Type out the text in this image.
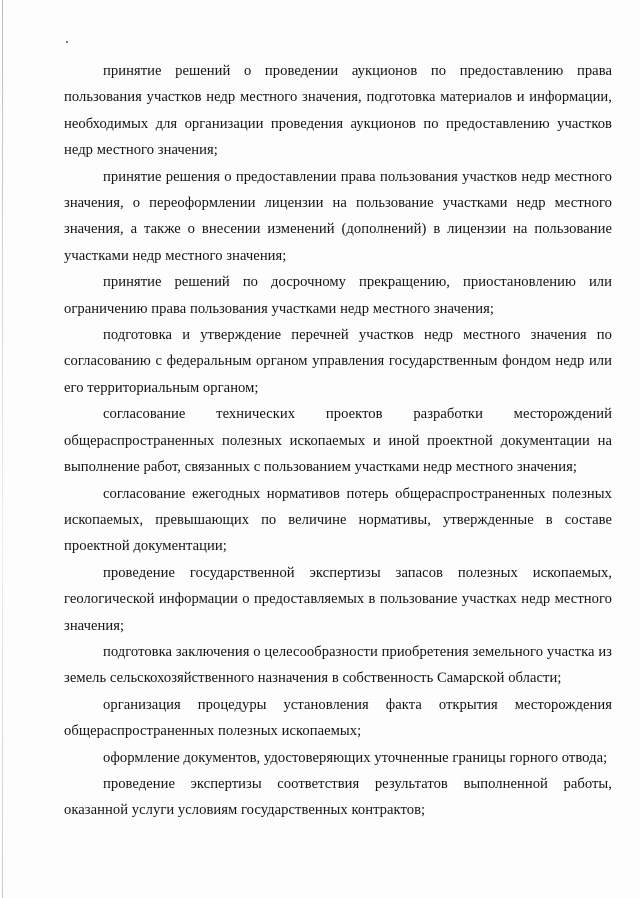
принятие решений о проведении аукционов по предоставлению права пользования участков недр местного значения, подготовка материалов и информации, необходимых для организации проведения аукционов по предоставлению участков недр местного значения;

принятие решения о предоставлении права пользования участков недр местного значения, о переоформлении лицензии на пользование участками недр местного значения, а также о внесении изменений (дополнений) в лицензии на пользование участками недр местного значения;

принятие решений по досрочному прекращению, приостановлению или ограничению права пользования участками недр местного значения;

подготовка и утверждение перечней участков недр местного значения по согласованию с федеральным органом управления государственным фондом недр или его территориальным органом;

согласование технических проектов разработки месторождений общераспространенных полезных ископаемых и иной проектной документации на выполнение работ, связанных с пользованием участками недр местного значения;

согласование ежегодных нормативов потерь общераспространенных полезных ископаемых, превышающих по величине нормативы, утвержденные в составе проектной документации;

проведение государственной экспертизы запасов полезных ископаемых, геологической информации о предоставляемых в пользование участках недр местного значения;

подготовка заключения о целесообразности приобретения земельного участка из земель сельскохозяйственного назначения в собственность Самарской области;

организация процедуры установления факта открытия месторождения общераспространенных полезных ископаемых;

оформление документов, удостоверяющих уточненные границы горного отвода;

проведение экспертизы соответствия результатов выполненной работы, оказанной услуги условиям государственных контрактов;
